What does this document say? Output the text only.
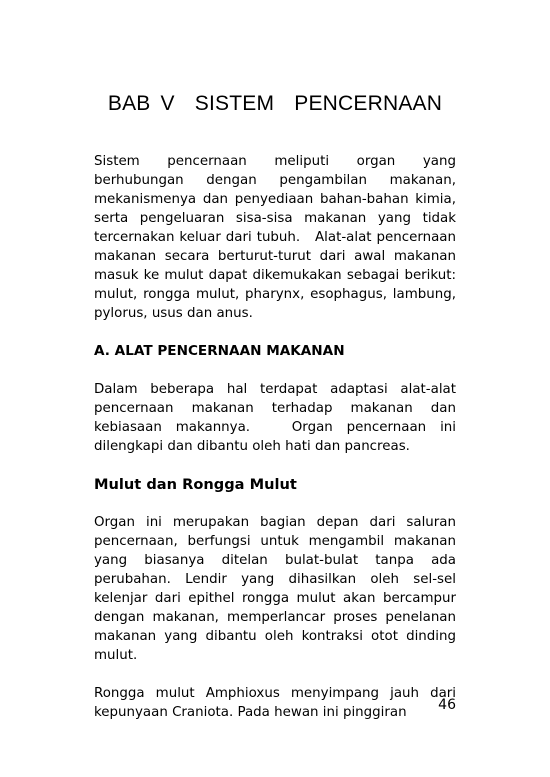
BAB V  SISTEM  PENCERNAAN

Sistem pencernaan meliputi organ yang berhubungan dengan pengambilan makanan, mekanismenya dan penyediaan bahan-bahan kimia, serta pengeluaran sisa-sisa makanan yang tidak tercernakan keluar dari tubuh.   Alat-alat pencernaan makanan secara berturut-turut dari awal makanan masuk ke mulut dapat dikemukakan sebagai berikut:  mulut, rongga mulut, pharynx, esophagus, lambung, pylorus, usus dan anus.

A. ALAT PENCERNAAN MAKANAN

Dalam beberapa hal terdapat adaptasi alat-alat pencernaan makanan terhadap makanan dan kebiasaan makannya.   Organ pencernaan ini dilengkapi dan dibantu oleh hati dan pancreas.

Mulut dan Rongga Mulut

Organ ini merupakan bagian depan dari saluran pencernaan, berfungsi untuk mengambil makanan yang biasanya ditelan bulat-bulat tanpa ada perubahan. Lendir yang dihasilkan oleh sel-sel kelenjar dari epithel rongga mulut akan bercampur dengan makanan, memperlancar proses penelanan makanan yang dibantu oleh kontraksi otot dinding mulut.

Rongga mulut Amphioxus menyimpang jauh dari kepunyaan Craniota. Pada hewan ini pinggiran	46
